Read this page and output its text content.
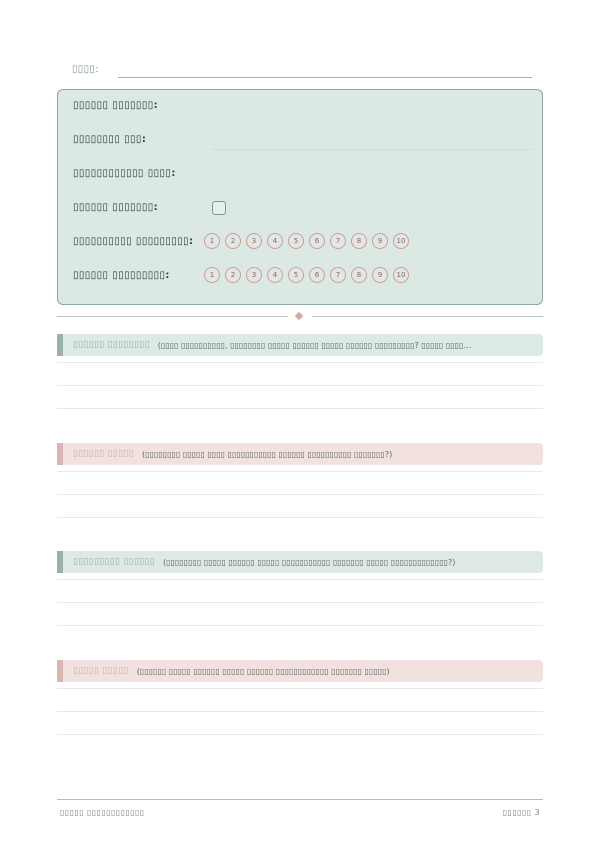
▯▯▯▯:
▯▯▯▯▯▯ ▯▯▯▯▯▯▯:
▯▯▯▯▯▯▯▯ ▯▯▯:
▯▯▯▯▯▯▯▯▯▯▯▯ ▯▯▯▯:
▯▯▯▯▯▯ ▯▯▯▯▯▯▯:
▯▯▯▯▯▯▯▯▯▯ ▯▯▯▯▯▯▯▯▯:	1	2	3	4	5	6	7	8	9	10
▯▯▯▯▯▯ ▯▯▯▯▯▯▯▯▯:	1	2	3	4	5	6	7	8	9	10
▯▯▯▯▯▯ ▯▯▯▯▯▯▯▯ (▯▯▯▯ ▯▯▯▯▯▯▯▯▯▯, ▯▯▯▯▯▯▯▯ ▯▯▯▯▯ ▯▯▯▯▯▯ ▯▯▯▯▯ ▯▯▯▯▯▯ ▯▯▯▯▯▯▯▯▯? ▯▯▯▯▯ ▯▯▯▯…
▯▯▯▯▯▯ ▯▯▯▯▯ (▯▯▯▯▯▯▯▯ ▯▯▯▯▯ ▯▯▯▯ ▯▯▯▯▯▯▯▯▯▯▯ ▯▯▯▯▯▯ ▯▯▯▯▯▯▯▯▯▯ ▯▯▯▯▯▯▯?)
▯▯▯▯▯▯▯▯▯ ▯▯▯▯▯▯ (▯▯▯▯▯▯▯▯ ▯▯▯▯▯ ▯▯▯▯▯▯ ▯▯▯▯▯ ▯▯▯▯▯▯▯▯▯▯▯ ▯▯▯▯▯▯▯ ▯▯▯▯▯ ▯▯▯▯▯▯▯▯▯▯▯▯▯?)
▯▯▯▯▯ ▯▯▯▯▯ (▯▯▯▯▯▯ ▯▯▯▯▯ ▯▯▯▯▯▯ ▯▯▯▯▯ ▯▯▯▯▯▯ ▯▯▯▯▯▯▯▯▯▯▯▯ ▯▯▯▯▯▯▯ ▯▯▯▯▯)
▯▯▯▯▯ ▯▯▯▯▯▯▯▯▯▯▯▯	▯▯▯▯▯▯ 3
